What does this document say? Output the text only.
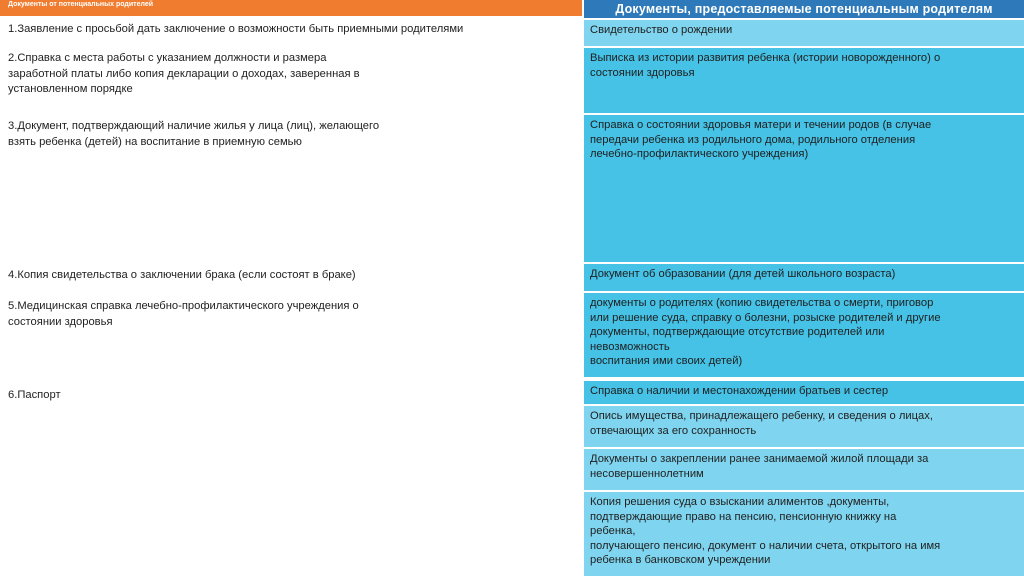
Документы от потенциальных родителей
1.Заявление с просьбой дать заключение о возможности быть приемными родителями
2.Справка с места работы с указанием должности и размера
заработной платы либо копия декларации о доходах, заверенная в
установленном порядке
3.Документ, подтверждающий наличие жилья у лица (лиц), желающего
взять ребенка (детей) на воспитание в приемную семью
4.Копия свидетельства о заключении брака (если состоят в браке)
5.Медицинская справка лечебно-профилактического учреждения о
состоянии здоровья
6.Паспорт
Документы, предоставляемые потенциальным родителям
Свидетельство о рождении
Выписка из истории развития ребенка (истории новорожденного) о
состоянии здоровья
Справка о состоянии здоровья матери и течении родов (в случае
передачи ребенка из родильного дома, родильного отделения
лечебно-профилактического учреждения)
Документ об образовании (для детей школьного возраста)
документы о родителях (копию свидетельства о смерти, приговор
или решение суда, справку о болезни, розыске родителей и другие
документы, подтверждающие отсутствие родителей или
невозможность
воспитания ими своих детей)
Справка о наличии и местонахождении братьев и сестер
Опись имущества, принадлежащего ребенку, и сведения о лицах,
отвечающих за его сохранность
Документы о закреплении ранее занимаемой жилой площади за
несовершеннолетним
Копия решения суда о взыскании алиментов ,документы,
подтверждающие право на пенсию, пенсионную книжку на
ребенка,
получающего пенсию, документ о наличии счета, открытого на имя
ребенка в банковском учреждении
